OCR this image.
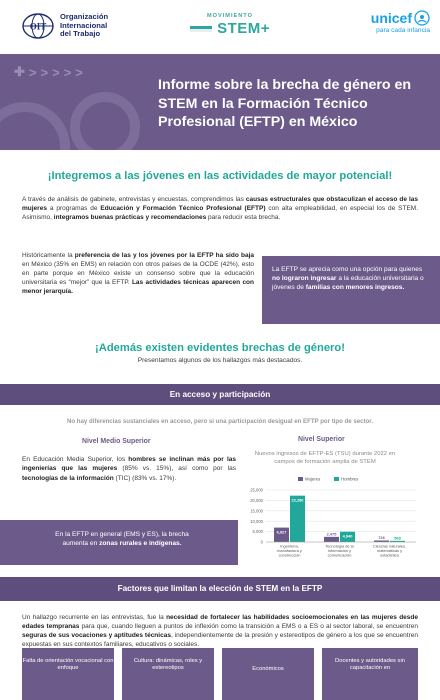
OIT
Organización
Internacional
del Trabajo
MOVIMIENTO
STEM+
unicef
para cada infancia
✚ > > > > >
Informe sobre la brecha de género en STEM en la Formación Técnico Profesional (EFTP) en México
¡Integremos a las jóvenes en las actividades de mayor potencial!
A través de análisis de gabinete, entrevistas y encuestas, comprendimos las causas estructurales que obstaculizan el acceso de las mujeres a programas de Educación y Formación Técnico Profesional (EFTP) con alta empleabilidad, en especial los de STEM. Asimismo, integramos buenas prácticas y recomendaciones para reducir esta brecha.
Históricamente la preferencia de las y los jóvenes por la EFTP ha sido baja en México (35% en EMS) en relación con otros países de la OCDE (42%), esto en parte porque en México existe un consenso sobre que la educación universitaria es “mejor” que la EFTP. Las actividades técnicas aparecen con menor jerarquía.
La EFTP se aprecia como una opción para quienes no lograron ingresar a la educación universitaria o jóvenes de familias con menores ingresos.
¡Además existen evidentes brechas de género!
Presentamos algunos de los hallazgos más destacados.
En acceso y participación
No hay diferencias sustanciales en acceso, pero sí una participación desigual en EFTP por tipo de sector.
Nivel Medio Superior	Nivel Superior
En Educación Media Superior, los hombres se inclinan más por las ingenierías que las mujeres (85% vs. 15%), así como por las tecnologías de la información (TIC) (83% vs. 17%).
En la EFTP en general (EMS y ES), la brecha aumenta en zonas rurales e indígenas.
Nuevos ingresos de EFTP-ES (TSU) durante 2022 en campos de formación amplia de STEM
0
5,000
10,000
15,000
20,000
25,000
Mujeres	Hombres
6,927
22,280
Ingeniería,
manufactura y
construcción
2,475 4,940
Tecnología de la
información y
comunicación
726 568
Ciencias naturales,
matemáticas y
estadística
Factores que limitan la elección de STEM en la EFTP
Un hallazgo recurrente en las entrevistas, fue la necesidad de fortalecer las habilidades socioemocionales en las mujeres desde edades tempranas para que, cuando lleguen a puntos de inflexión como la transición a EMS o a ES o al sector laboral, se encuentren seguras de sus vocaciones y aptitudes técnicas, independientemente de la presión y estereotipos de género a los que se encuentren expuestas en sus contextos familiares, educativos o sociales.
Falta de orientación vocacional con enfoque
Cultura: dinámicas, roles y estereotipos	Económicos
Docentes y autoridades sin capacitación en
